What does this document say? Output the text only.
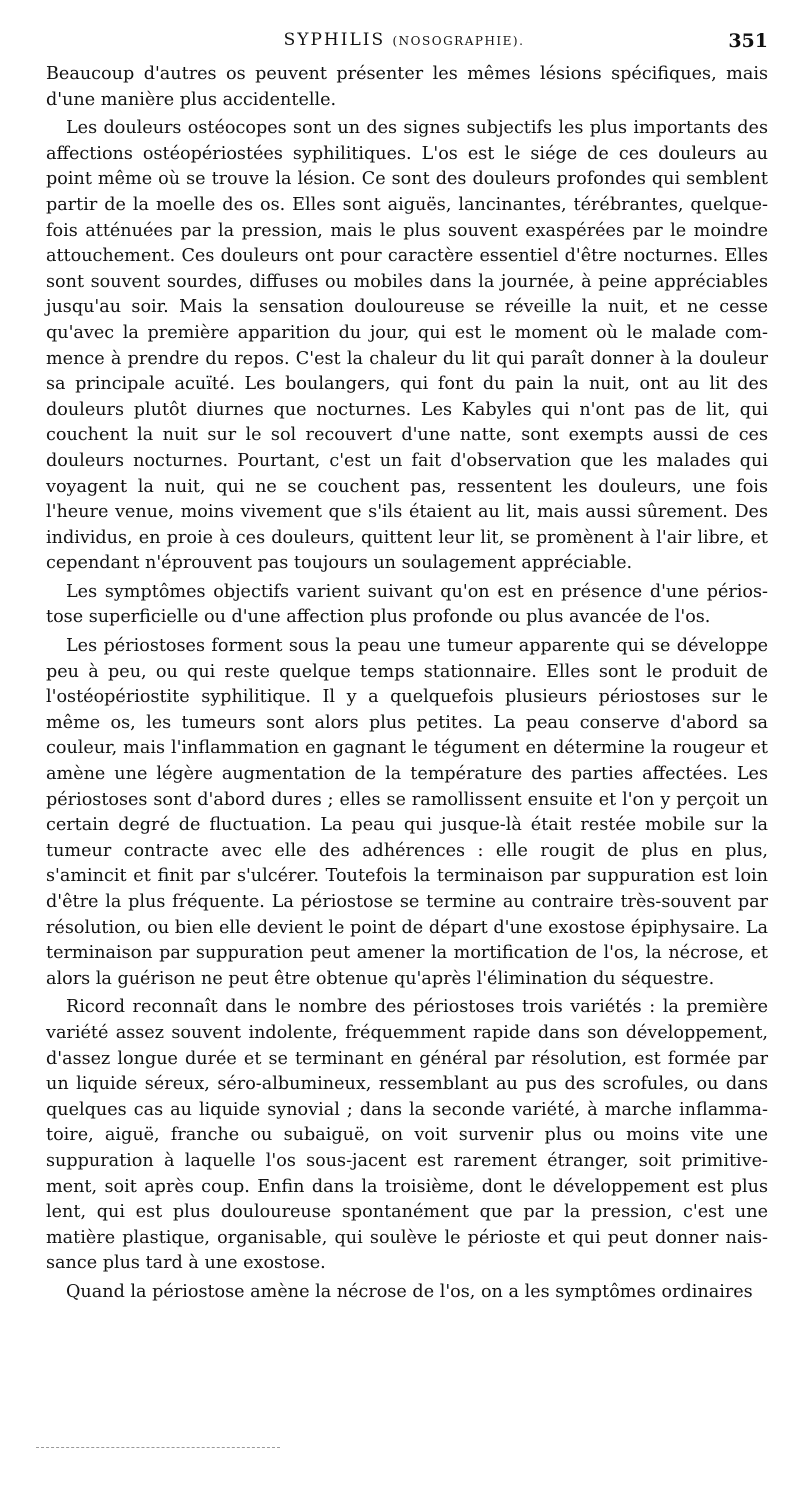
SYPHILIS (NOSOGRAPHIE).	351

Beaucoup d'autres os peuvent présenter les mêmes lésions spécifiques, mais d'une manière plus accidentelle.

Les douleurs ostéocopes sont un des signes subjectifs les plus importants des affections ostéopériostées syphilitiques. L'os est le siége de ces douleurs au point même où se trouve la lésion. Ce sont des douleurs profondes qui semblent partir de la moelle des os. Elles sont aiguës, lancinantes, térébrantes, quelquefois atténuées par la pression, mais le plus souvent exaspérées par le moindre attouchement. Ces douleurs ont pour caractère essentiel d'être nocturnes. Elles sont souvent sourdes, diffuses ou mobiles dans la journée, à peine appréciables jusqu'au soir. Mais la sensation douloureuse se réveille la nuit, et ne cesse qu'avec la première apparition du jour, qui est le moment où le malade commence à prendre du repos. C'est la chaleur du lit qui paraît donner à la douleur sa principale acuïté. Les boulangers, qui font du pain la nuit, ont au lit des douleurs plutôt diurnes que nocturnes. Les Kabyles qui n'ont pas de lit, qui couchent la nuit sur le sol recouvert d'une natte, sont exempts aussi de ces douleurs nocturnes. Pourtant, c'est un fait d'observation que les malades qui voyagent la nuit, qui ne se couchent pas, ressentent les douleurs, une fois l'heure venue, moins vivement que s'ils étaient au lit, mais aussi sûrement. Des individus, en proie à ces douleurs, quittent leur lit, se promènent à l'air libre, et cependant n'éprouvent pas toujours un soulagement appréciable.

Les symptômes objectifs varient suivant qu'on est en présence d'une périostose superficielle ou d'une affection plus profonde ou plus avancée de l'os.

Les périostoses forment sous la peau une tumeur apparente qui se développe peu à peu, ou qui reste quelque temps stationnaire. Elles sont le produit de l'ostéopériostite syphilitique. Il y a quelquefois plusieurs périostoses sur le même os, les tumeurs sont alors plus petites. La peau conserve d'abord sa couleur, mais l'inflammation en gagnant le tégument en détermine la rougeur et amène une légère augmentation de la température des parties affectées. Les périostoses sont d'abord dures ; elles se ramollissent ensuite et l'on y perçoit un certain degré de fluctuation. La peau qui jusque-là était restée mobile sur la tumeur contracte avec elle des adhérences : elle rougit de plus en plus, s'amincit et finit par s'ulcérer. Toutefois la terminaison par suppuration est loin d'être la plus fréquente. La périostose se termine au contraire très-souvent par résolution, ou bien elle devient le point de départ d'une exostose épiphysaire. La terminaison par suppuration peut amener la mortification de l'os, la nécrose, et alors la guérison ne peut être obtenue qu'après l'élimination du séquestre.

Ricord reconnaît dans le nombre des périostoses trois variétés : la première variété assez souvent indolente, fréquemment rapide dans son développement, d'assez longue durée et se terminant en général par résolution, est formée par un liquide séreux, séro-albumineux, ressemblant au pus des scrofules, ou dans quelques cas au liquide synovial ; dans la seconde variété, à marche inflammatoire, aiguë, franche ou subaiguë, on voit survenir plus ou moins vite une suppuration à laquelle l'os sous-jacent est rarement étranger, soit primitivement, soit après coup. Enfin dans la troisième, dont le développement est plus lent, qui est plus douloureuse spontanément que par la pression, c'est une matière plastique, organisable, qui soulève le périoste et qui peut donner naissance plus tard à une exostose.

Quand la périostose amène la nécrose de l'os, on a les symptômes ordinaires
